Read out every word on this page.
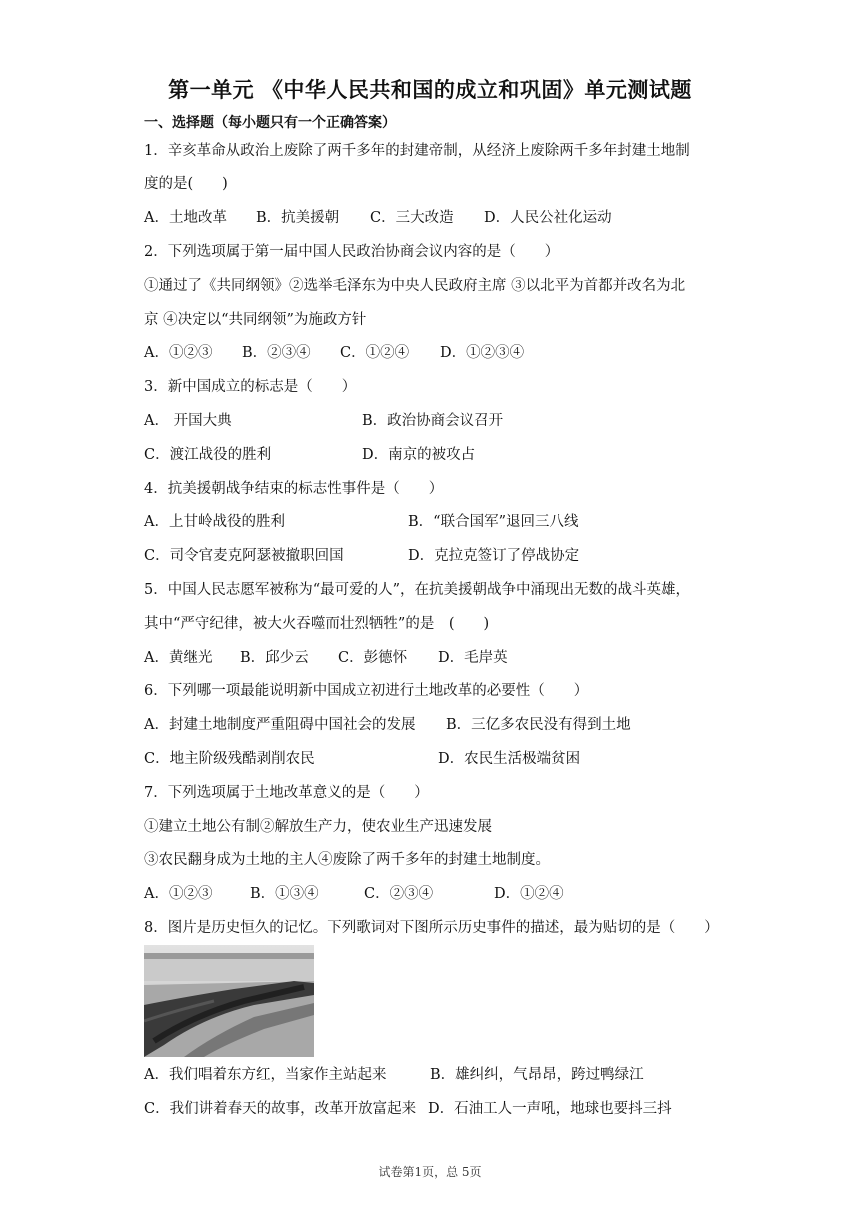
第一单元 《中华人民共和国的成立和巩固》单元测试题
一、选择题（每小题只有一个正确答案）
1．辛亥革命从政治上废除了两千多年的封建帝制，从经济上废除两千多年封建土地制
度的是(　　)
A．土地改革 B．抗美援朝 C．三大改造 D．人民公社化运动
2．下列选项属于第一届中国人民政治协商会议内容的是（　　）
①通过了《共同纲领》②选举毛泽东为中央人民政府主席 ③以北平为首都并改名为北
京 ④决定以“共同纲领”为施政方针
A．①②③ B．②③④ C．①②④ D．①②③④
3．新中国成立的标志是（　　）
A． 开国大典	B．政治协商会议召开
C．渡江战役的胜利	D．南京的被攻占
4．抗美援朝战争结束的标志性事件是（　　）
A．上甘岭战役的胜利	B．“联合国军”退回三八线
C．司令官麦克阿瑟被撤职回国	D．克拉克签订了停战协定
5．中国人民志愿军被称为“最可爱的人”，在抗美援朝战争中涌现出无数的战斗英雄，
其中“严守纪律，被大火吞噬而壮烈牺牲”的是　(　　)
A．黄继光 B．邱少云 C．彭德怀 D．毛岸英
6．下列哪一项最能说明新中国成立初进行土地改革的必要性（　　）
A．封建土地制度严重阻碍中国社会的发展 B．三亿多农民没有得到土地
C．地主阶级残酷剥削农民	D．农民生活极端贫困
7．下列选项属于土地改革意义的是（　　）
①建立土地公有制②解放生产力，使农业生产迅速发展
③农民翻身成为土地的主人④废除了两千多年的封建土地制度。
A．①②③	B．①③④	C．②③④	D．①②④
8．图片是历史恒久的记忆。下列歌词对下图所示历史事件的描述，最为贴切的是（　　）
A．我们唱着东方红，当家作主站起来	B．雄纠纠，气昂昂，跨过鸭绿江
C．我们讲着春天的故事，改革开放富起来 D．石油工人一声吼，地球也要抖三抖
试卷第1页，总 5页
